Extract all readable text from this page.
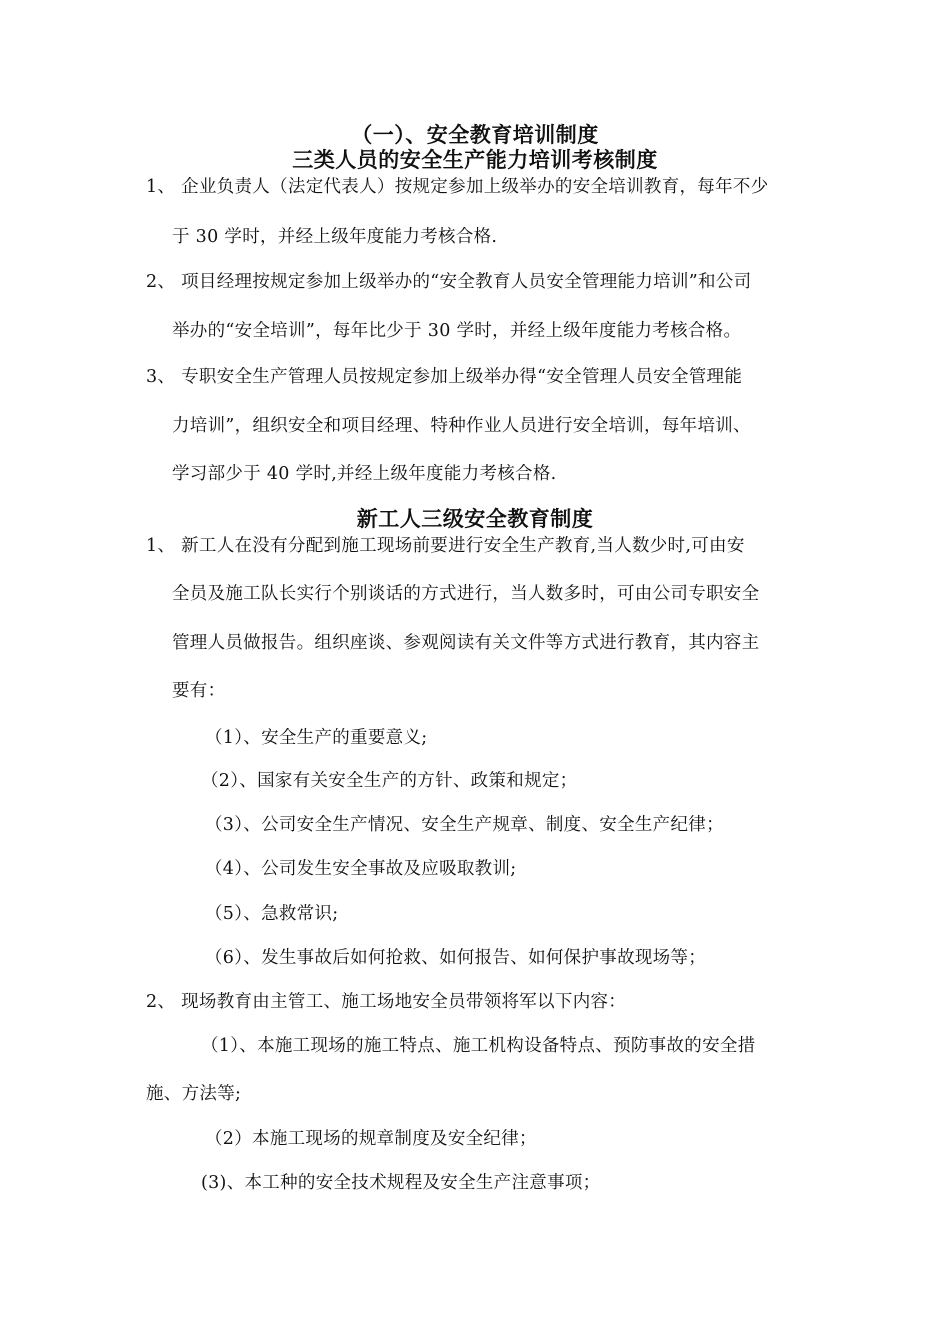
（一）、安全教育培训制度
三类人员的安全生产能力培训考核制度
1、 企业负责人（法定代表人）按规定参加上级举办的安全培训教育，每年不少
于 30 学时，并经上级年度能力考核合格.
2、 项目经理按规定参加上级举办的“安全教育人员安全管理能力培训”和公司
举办的“安全培训”，每年比少于 30 学时，并经上级年度能力考核合格。
3、 专职安全生产管理人员按规定参加上级举办得“安全管理人员安全管理能
力培训”，组织安全和项目经理、特种作业人员进行安全培训，每年培训、
学习部少于 40 学时,并经上级年度能力考核合格.
新工人三级安全教育制度
1、 新工人在没有分配到施工现场前要进行安全生产教育,当人数少时,可由安
全员及施工队长实行个别谈话的方式进行，当人数多时，可由公司专职安全
管理人员做报告。组织座谈、参观阅读有关文件等方式进行教育，其内容主
要有：
（1）、安全生产的重要意义;
（2）、国家有关安全生产的方针、政策和规定；
（3）、公司安全生产情况、安全生产规章、制度、安全生产纪律；
（4）、公司发生安全事故及应吸取教训;
（5）、急救常识;
（6）、发生事故后如何抢救、如何报告、如何保护事故现场等；
2、 现场教育由主管工、施工场地安全员带领将军以下内容：
（1）、本施工现场的施工特点、施工机构设备特点、预防事故的安全措
施、方法等;
（2）本施工现场的规章制度及安全纪律；
(3)、本工种的安全技术规程及安全生产注意事项；
